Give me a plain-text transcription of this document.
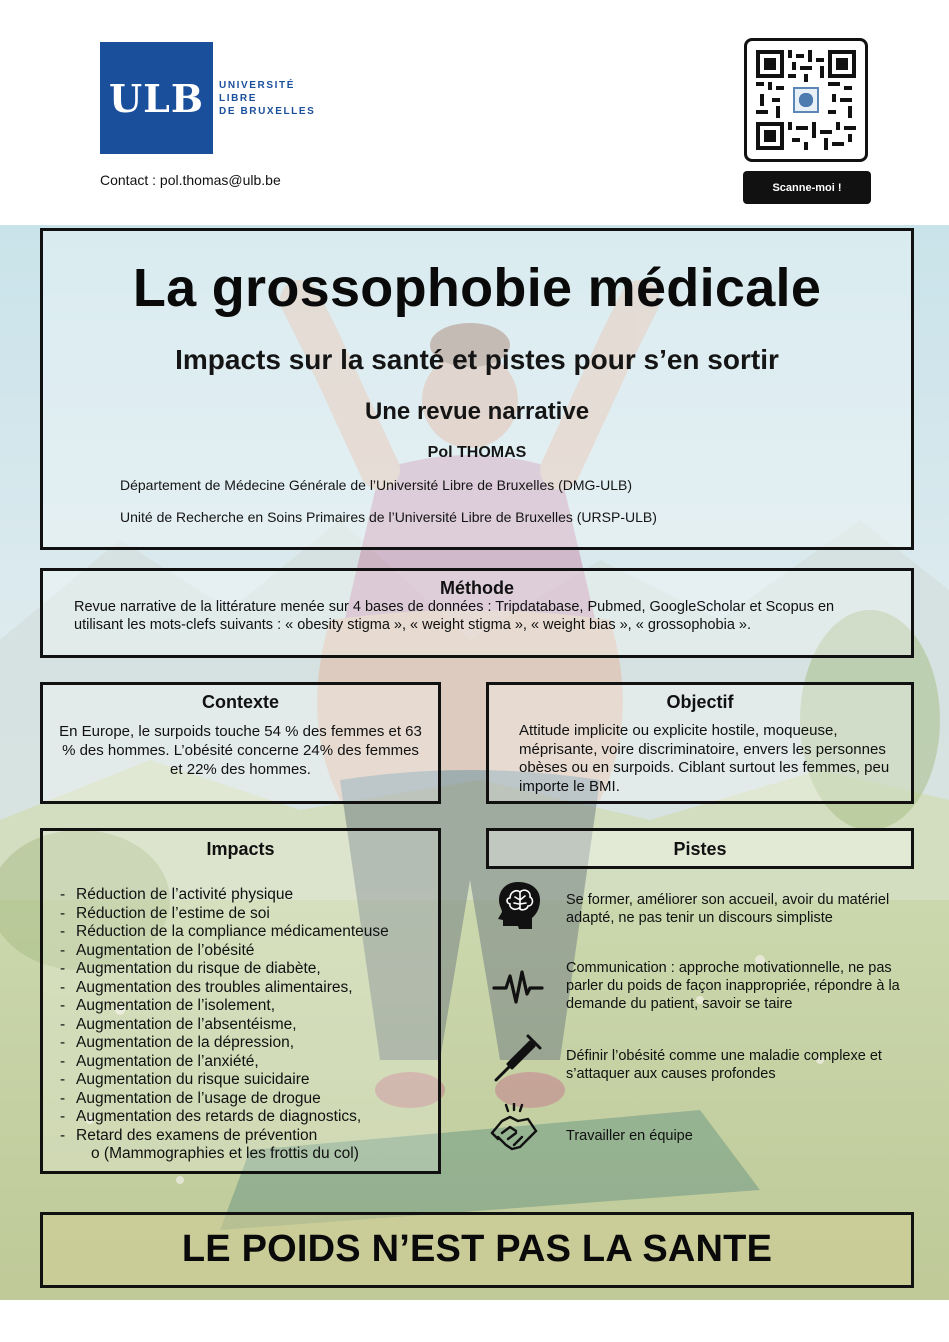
ULB UNIVERSITÉ
LIBRE
DE BRUXELLES
Contact : pol.thomas@ulb.be	Scanne-moi !
La grossophobie médicale
Impacts sur la santé et pistes pour s’en sortir
Une revue narrative
Pol THOMAS
Département de Médecine Générale de l’Université Libre de Bruxelles (DMG-ULB)
Unité de Recherche en Soins Primaires de l’Université Libre de Bruxelles (URSP-ULB)
Méthode
Revue narrative de la littérature menée sur 4 bases de données : Tripdatabase, Pubmed, GoogleScholar et Scopus en utilisant les mots-clefs suivants : « obesity stigma », « weight stigma », « weight bias », « grossophobia ».
Contexte
En Europe, le surpoids touche 54 % des femmes et 63 % des hommes. L’obésité concerne 24% des femmes et 22% des hommes.
Objectif
Attitude implicite ou explicite hostile, moqueuse, méprisante, voire discriminatoire, envers les personnes obèses ou en surpoids. Ciblant surtout les femmes, peu importe le BMI.
Impacts
- Réduction de l’activité physique
- Réduction de l’estime de soi
- Réduction de la compliance médicamenteuse
- Augmentation de l’obésité
- Augmentation du risque de diabète,
- Augmentation des troubles alimentaires,
- Augmentation de l’isolement,
- Augmentation de l’absentéisme,
- Augmentation de la dépression,
- Augmentation de l’anxiété,
- Augmentation du risque suicidaire
- Augmentation de l’usage de drogue
- Augmentation des retards de diagnostics,
- Retard des examens de prévention
o (Mammographies et les frottis du col)
Pistes
Se former, améliorer son accueil, avoir du matériel adapté, ne pas tenir un discours simpliste
Communication : approche motivationnelle, ne pas parler du poids de façon inappropriée, répondre à la demande du patient, savoir se taire
Définir l’obésité comme une maladie complexe et s’attaquer aux causes profondes
Travailler en équipe
LE POIDS N’EST PAS LA SANTE
